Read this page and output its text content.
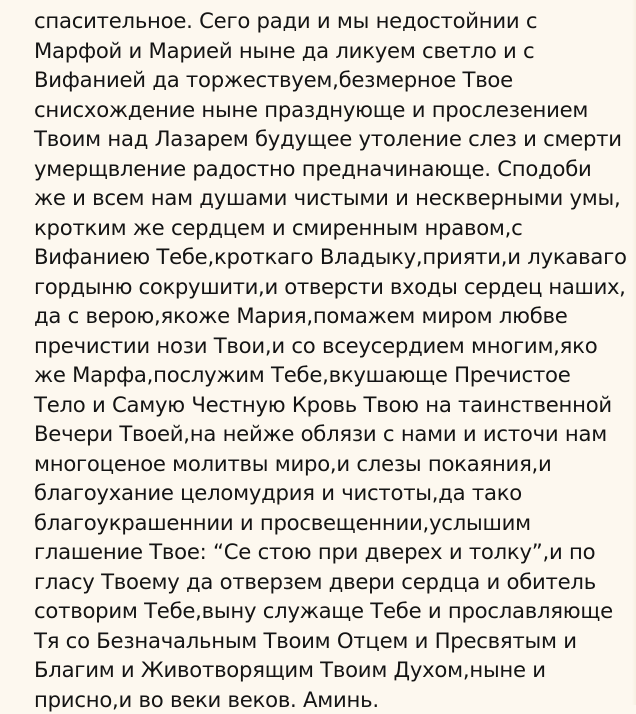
спасительное. Сего ради и мы недостойнии с
Марфой и Марией ныне да ликуем светло и с
Вифанией да торжествуем,безмерное Твое
снисхождение ныне празднующе и прослезением
Твоим над Лазарем будущее утоление слез и смерти
умерщвление радостно предначинающе. Сподоби
же и всем нам душами чистыми и нескверными умы,
кротким же сердцем и смиренным нравом,с
Вифаниею Тебе,кроткаго Владыку,прияти,и лукаваго
гордыню сокрушити,и отверсти входы сердец наших,
да с верою,якоже Мария,помажем миром любве
пречистии нози Твои,и со всеусердием многим,яко
же Марфа,послужим Тебе,вкушающе Пречистое
Тело и Самую Честную Кровь Твою на таинственной
Вечери Твоей,на нейже облязи с нами и источи нам
многоценое молитвы миро,и слезы покаяния,и
благоухание целомудрия и чистоты,да тако
благоукрашеннии и просвещеннии,услышим
глашение Твое: “Се стою при дверех и толку”,и по
гласу Твоему да отверзем двери сердца и обитель
сотворим Тебе,выну служаще Тебе и прославляюще
Тя со Безначальным Твоим Отцем и Пресвятым и
Благим и Животворящим Твоим Духом,ныне и
присно,и во веки веков. Аминь.
